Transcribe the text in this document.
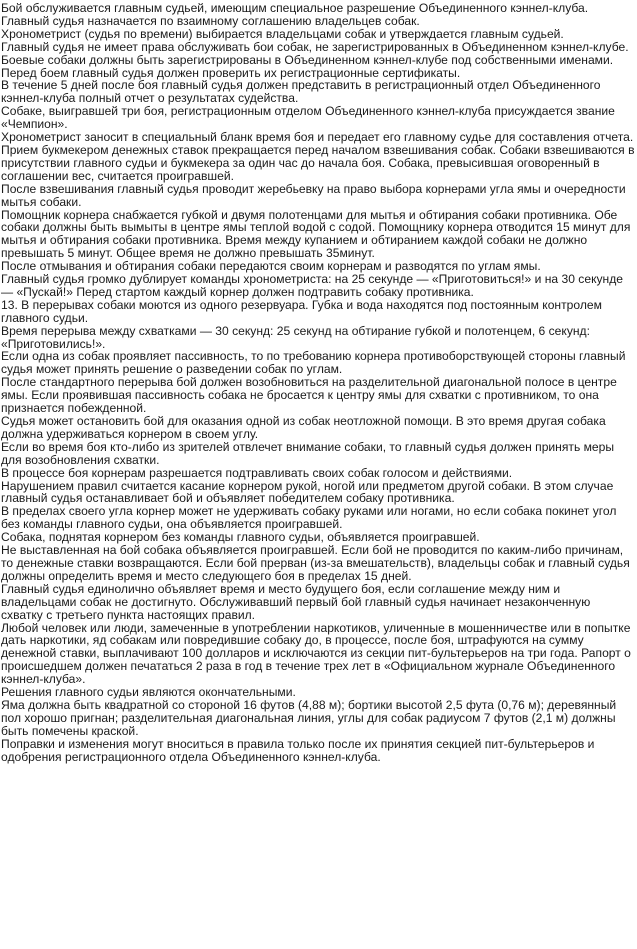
Бой обслуживается главным судьей, имеющим специальное разрешение Объединенного кэннел-клуба.

Главный судья назначается по взаимному соглашению владельцев собак.

Хронометрист (судья по времени) выбирается владельцами собак и утверждается главным судьей.

Главный судья не имеет права обслуживать бои собак, не зарегистрированных в Объединенном кэннел-клубе.

Боевые собаки должны быть зарегистрированы в Объединенном кэннел-клубе под собственными именами. Перед боем главный судья должен проверить их регистрационные сертификаты.

В течение 5 дней после боя главный судья должен представить в регистрационный отдел Объединенного кэннел-клуба полный отчет о результатах судейства.

Собаке, выигравшей три боя, регистрационным отделом Объединенного кэннел-клуба присуждается звание «Чемпион».

Хронометрист заносит в специальный бланк время боя и передает его главному судье для составления отчета.

Прием букмекером денежных ставок прекращается перед началом взвешивания собак. Собаки взвешиваются в присутствии главного судьи и букмекера за один час до начала боя. Собака, превысившая оговоренный в соглашении вес, считается проигравшей.

После взвешивания главный судья проводит жеребьевку на право выбора корнерами угла ямы и очередности мытья собаки.

Помощник корнера снабжается губкой и двумя полотенцами для мытья и обтирания собаки противника. Обе собаки должны быть вымыты в центре ямы теплой водой с содой. Помощнику корнера отводится 15 минут для мытья и обтирания собаки противника. Время между купанием и обтиранием каждой собаки не должно превышать 5 минут. Общее время не должно превышать 35минут.

После отмывания и обтирания собаки передаются своим корнерам и разводятся по углам ямы.

Главный судья громко дублирует команды хронометриста: на 25 секунде — «Приготовиться!» и на 30 секунде — «Пускай!» Перед стартом каждый корнер должен подтравить собаку противника.

13. В перерывах собаки моются из одного резервуара. Губка и вода находятся под постоянным контролем главного судьи.

Время перерыва между схватками — 30 секунд: 25 секунд на обтирание губкой и полотенцем, 6 секунд: «Приготовились!».

Если одна из собак проявляет пассивность, то по требованию корнера противоборствующей стороны главный судья может принять решение о разведении собак по углам.

После стандартного перерыва бой должен возобновиться на разделительной диагональной полосе в центре ямы. Если проявившая пассивность собака не бросается к центру ямы для схватки с противником, то она признается побежденной.

Судья может остановить бой для оказания одной из собак неотложной помощи. В это время другая собака должна удерживаться корнером в своем углу.

Если во время боя кто-либо из зрителей отвлечет внимание собаки, то главный судья должен принять меры для возобновления схватки.

В процессе боя корнерам разрешается подтравливать своих собак голосом и действиями.

Нарушением правил считается касание корнером рукой, ногой или предметом другой собаки. В этом случае главный судья останавливает бой и объявляет победителем собаку противника.

В пределах своего угла корнер может не удерживать собаку руками или ногами, но если собака покинет угол без команды главного судьи, она объявляется проигравшей.

Собака, поднятая корнером без команды главного судьи, объявляется проигравшей.

Не выставленная на бой собака объявляется проигравшей. Если бой не проводится по каким-либо причинам, то денежные ставки возвращаются. Если бой прерван (из-за вмешательств), владельцы собак и главный судья должны определить время и место следующего боя в пределах 15 дней.

Главный судья единолично объявляет время и место будущего боя, если соглашение между ним и владельцами собак не достигнуто. Обслуживавший первый бой главный судья начинает незаконченную схватку с третьего пункта настоящих правил.

Любой человек или люди, замеченные в употреблении наркотиков, уличенные в мошенничестве или в попытке дать наркотики, яд собакам или повредившие собаку до, в процессе, после боя, штрафуются на сумму денежной ставки, выплачивают 100 долларов и исключаются из секции пит-бультерьеров на три года. Рапорт о происшедшем должен печататься 2 раза в год в течение трех лет в «Официальном журнале Объединенного кэннел-клуба».

Решения главного судьи являются окончательными.

Яма должна быть квадратной со стороной 16 футов (4,88 м); бортики высотой 2,5 фута (0,76 м); деревянный пол хорошо пригнан; разделительная диагональная линия, углы для собак радиусом 7 футов (2,1 м) должны быть помечены краской.

Поправки и изменения могут вноситься в правила только после их принятия секцией пит-бультерьеров и одобрения регистрационного отдела Объединенного кэннел-клуба.
